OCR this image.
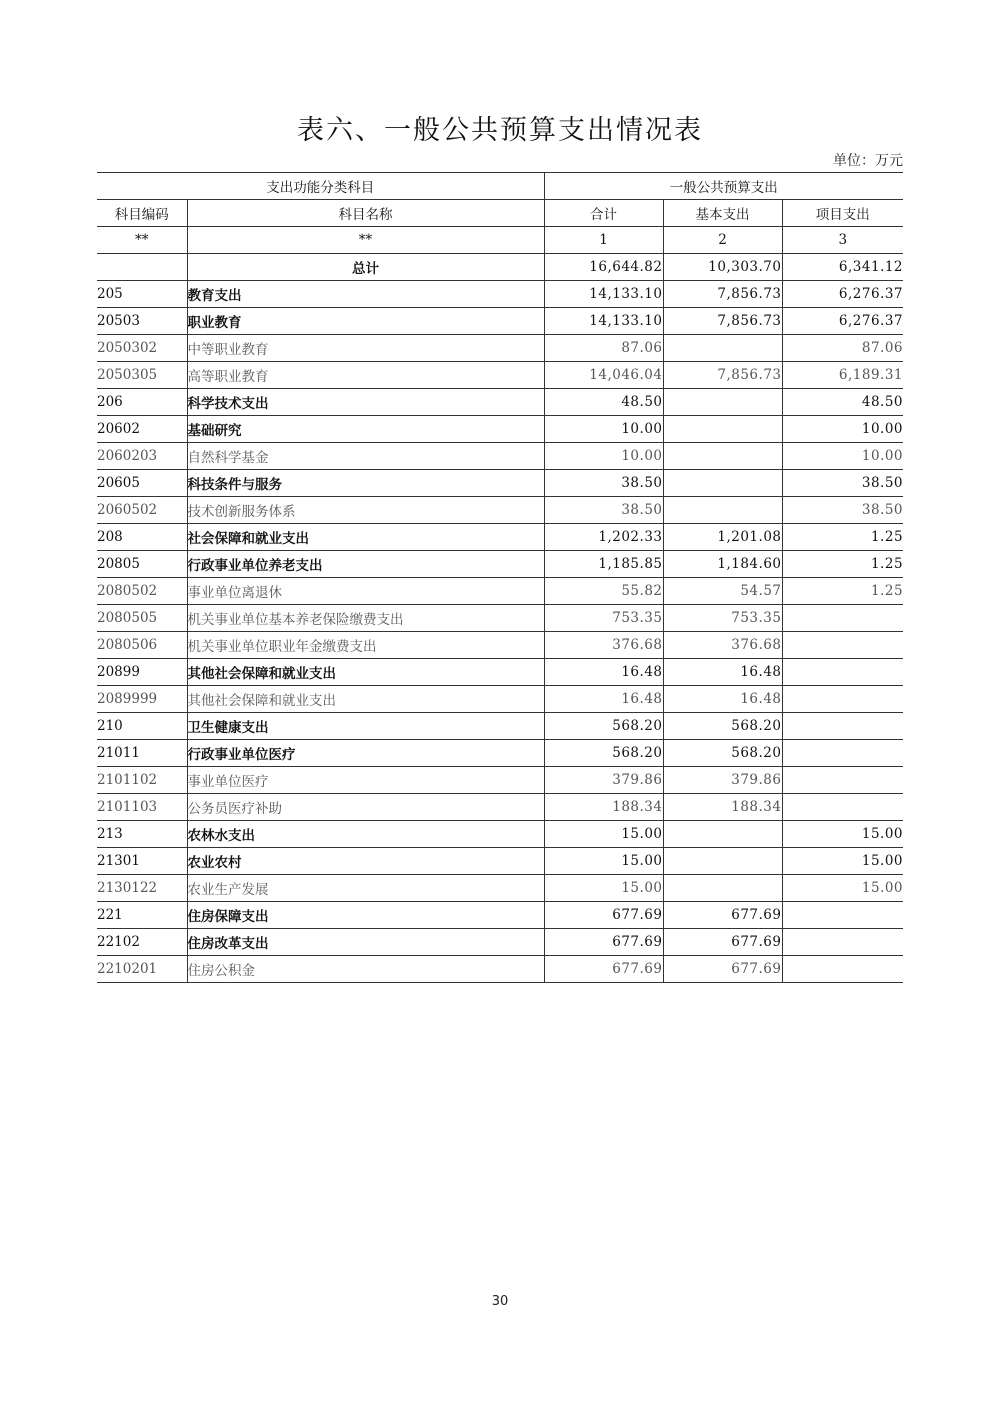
表六、一般公共预算支出情况表
单位：万元
支出功能分类科目		一般公共预算支出		
科目编码	科目名称	合计	基本支出	项目支出
**	**	1	2	3
	总计	16,644.82	10,303.70	6,341.12
205	教育支出	14,133.10	7,856.73	6,276.37
20503	职业教育	14,133.10	7,856.73	6,276.37
2050302	中等职业教育	87.06		87.06
2050305	高等职业教育	14,046.04	7,856.73	6,189.31
206	科学技术支出	48.50		48.50
20602	基础研究	10.00		10.00
2060203	自然科学基金	10.00		10.00
20605	科技条件与服务	38.50		38.50
2060502	技术创新服务体系	38.50		38.50
208	社会保障和就业支出	1,202.33	1,201.08	1.25
20805	行政事业单位养老支出	1,185.85	1,184.60	1.25
2080502	事业单位离退休	55.82	54.57	1.25
2080505	机关事业单位基本养老保险缴费支出	753.35	753.35	
2080506	机关事业单位职业年金缴费支出	376.68	376.68	
20899	其他社会保障和就业支出	16.48	16.48	
2089999	其他社会保障和就业支出	16.48	16.48	
210	卫生健康支出	568.20	568.20	
21011	行政事业单位医疗	568.20	568.20	
2101102	事业单位医疗	379.86	379.86	
2101103	公务员医疗补助	188.34	188.34	
213	农林水支出	15.00		15.00
21301	农业农村	15.00		15.00
2130122	农业生产发展	15.00		15.00
221	住房保障支出	677.69	677.69	
22102	住房改革支出	677.69	677.69	
2210201	住房公积金	677.69	677.69	
30
